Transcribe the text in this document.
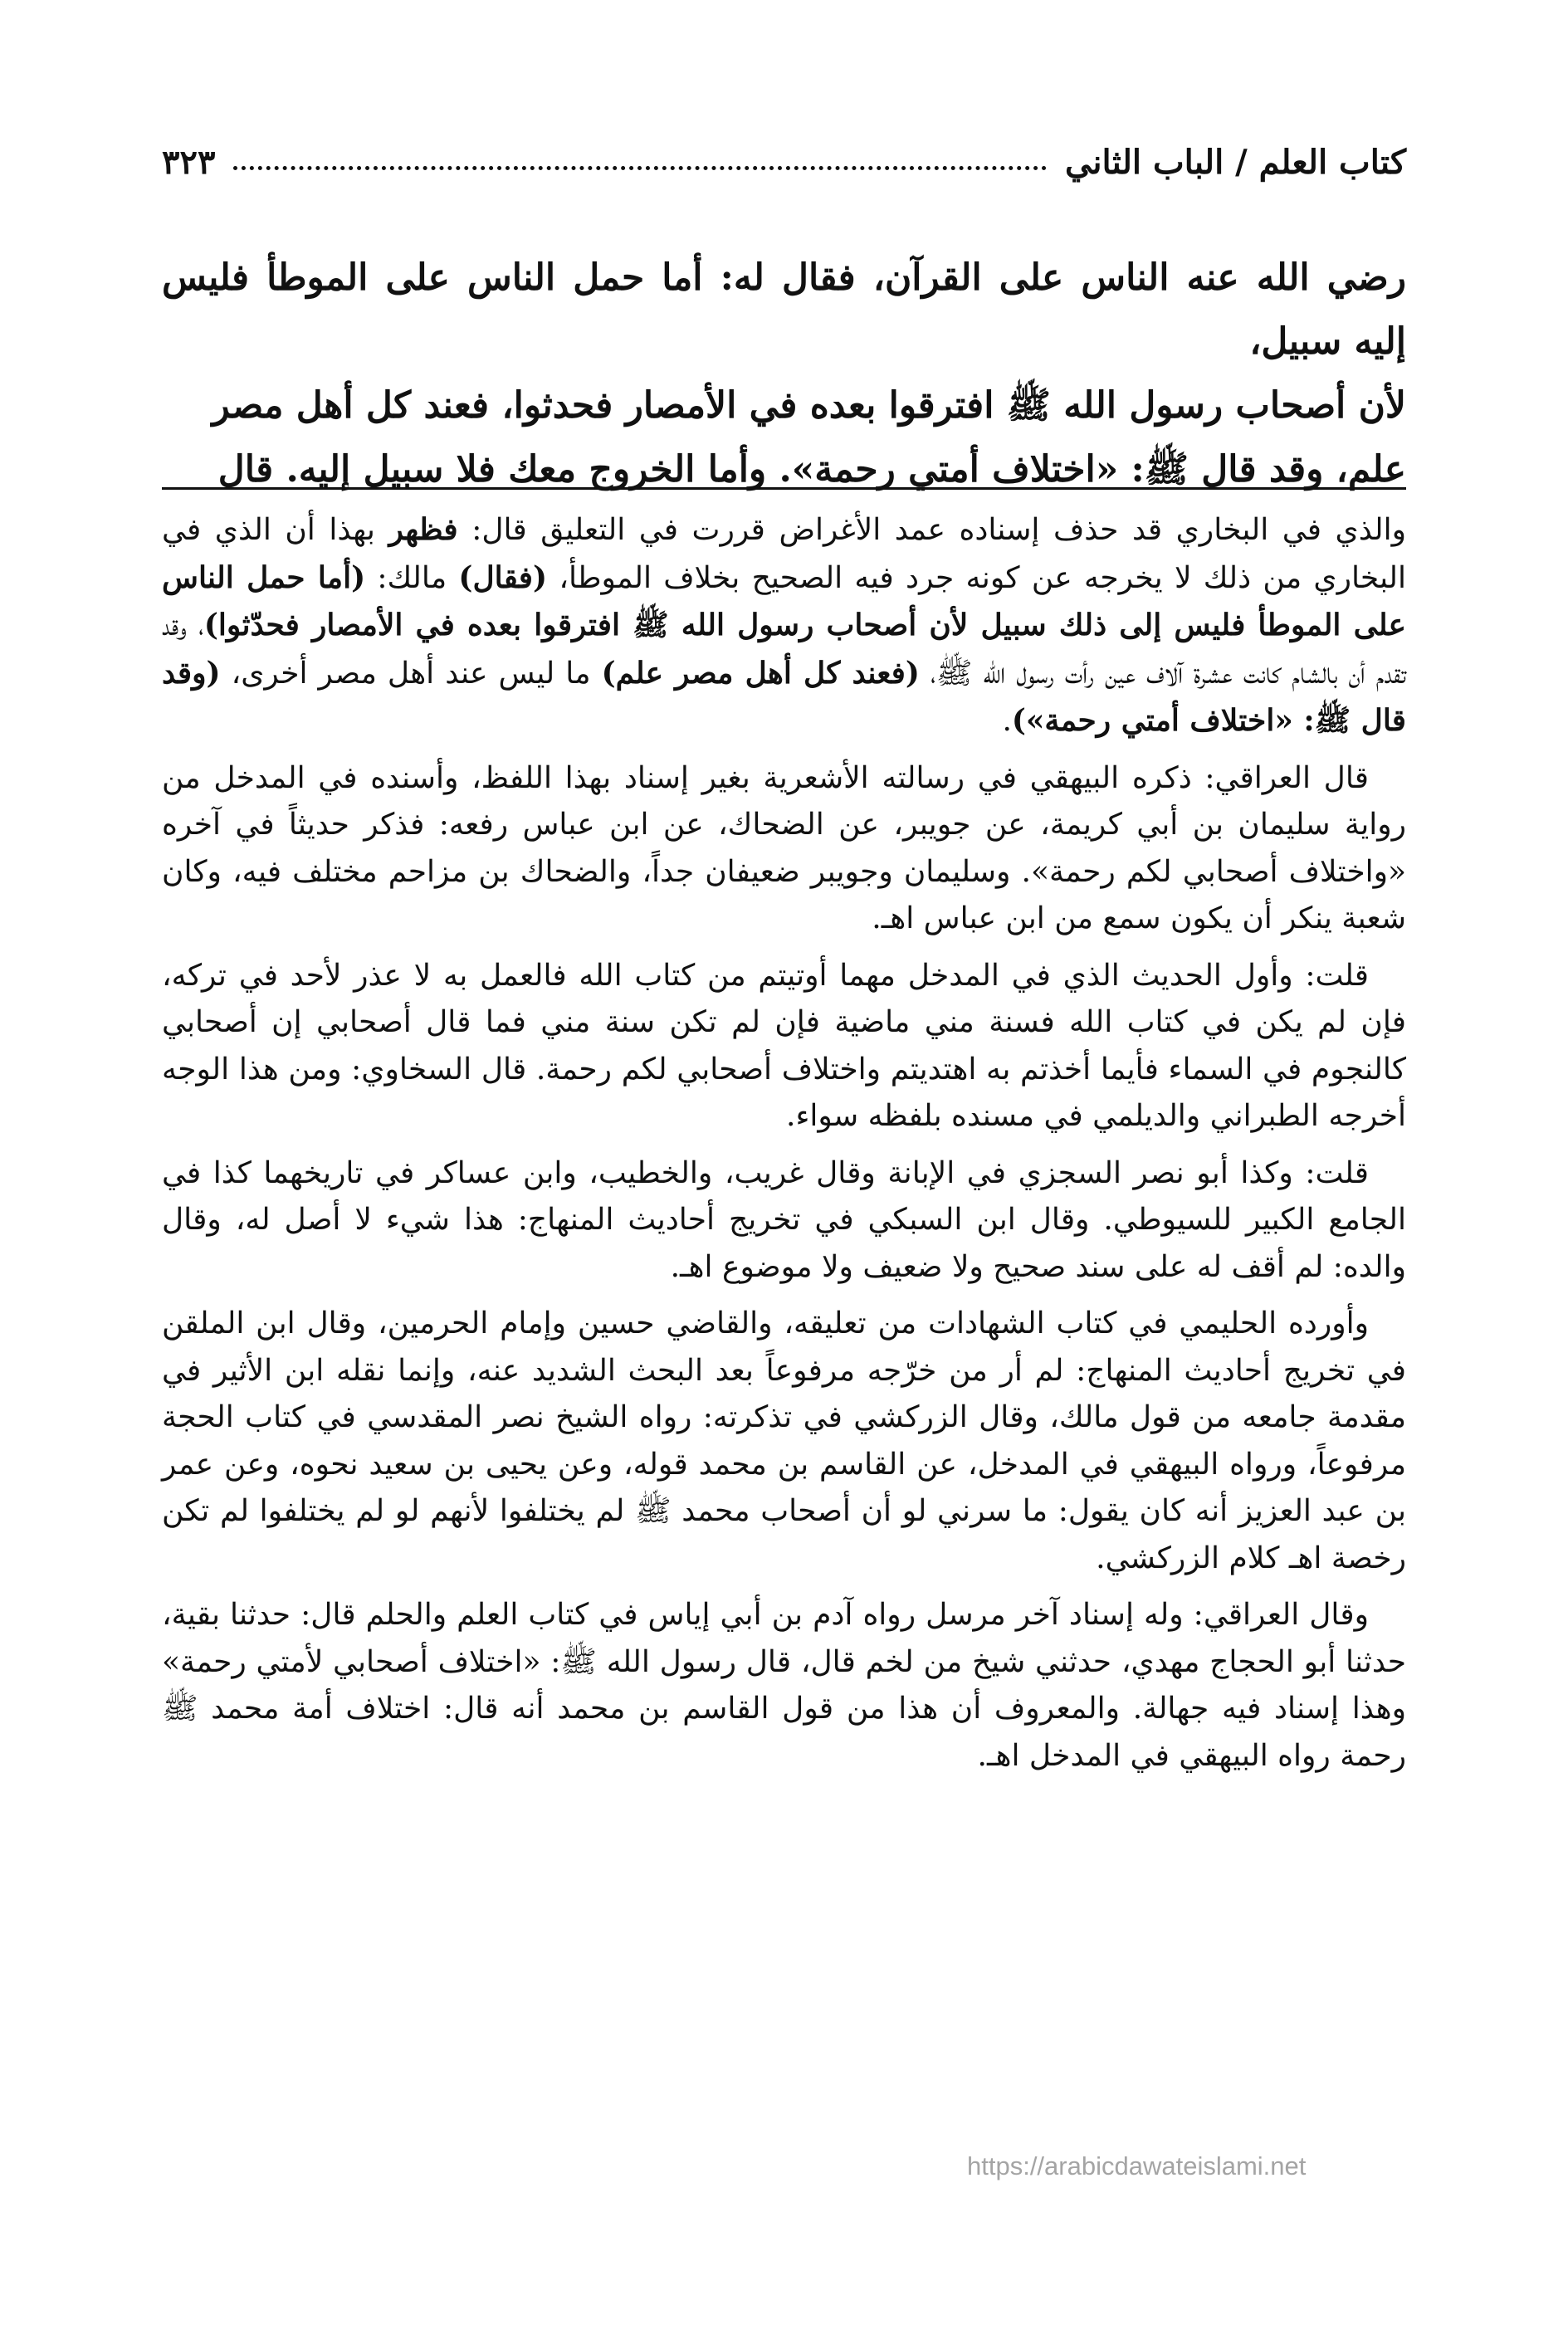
كتاب العلم / الباب الثاني
٣٢٣

رضي الله عنه الناس على القرآن، فقال له: أما حمل الناس على الموطأ فليس إليه سبيل،

لأن أصحاب رسول الله ﷺ افترقوا بعده في الأمصار فحدثوا، فعند كل أهل مصر

علم، وقد قال ﷺ: «اختلاف أمتي رحمة». وأما الخروج معك فلا سبيل إليه. قال

والذي في البخاري قد حذف إسناده عمد الأغراض قررت في التعليق قال: فظهر بهذا أن الذي في البخاري من ذلك لا يخرجه عن كونه جرد فيه الصحيح بخلاف الموطأ، (فقال) مالك: (أما حمل الناس على الموطأ فليس إلى ذلك سبيل لأن أصحاب رسول الله ﷺ افترقوا بعده في الأمصار فحدّثوا)، وقد تقدم أن بالشام كانت عشرة آلاف عين رأت رسول الله ﷺ، (فعند كل أهل مصر علم) ما ليس عند أهل مصر أخرى، (وقد قال ﷺ: «اختلاف أمتي رحمة»).

قال العراقي: ذكره البيهقي في رسالته الأشعرية بغير إسناد بهذا اللفظ، وأسنده في المدخل من رواية سليمان بن أبي كريمة، عن جويبر، عن الضحاك، عن ابن عباس رفعه: فذكر حديثاً في آخره «واختلاف أصحابي لكم رحمة». وسليمان وجويبر ضعيفان جداً، والضحاك بن مزاحم مختلف فيه، وكان شعبة ينكر أن يكون سمع من ابن عباس اهـ.

قلت: وأول الحديث الذي في المدخل مهما أوتيتم من كتاب الله فالعمل به لا عذر لأحد في تركه، فإن لم يكن في كتاب الله فسنة مني ماضية فإن لم تكن سنة مني فما قال أصحابي إن أصحابي كالنجوم في السماء فأيما أخذتم به اهتديتم واختلاف أصحابي لكم رحمة. قال السخاوي: ومن هذا الوجه أخرجه الطبراني والديلمي في مسنده بلفظه سواء.

قلت: وكذا أبو نصر السجزي في الإبانة وقال غريب، والخطيب، وابن عساكر في تاريخهما كذا في الجامع الكبير للسيوطي. وقال ابن السبكي في تخريج أحاديث المنهاج: هذا شيء لا أصل له، وقال والده: لم أقف له على سند صحيح ولا ضعيف ولا موضوع اهـ.

وأورده الحليمي في كتاب الشهادات من تعليقه، والقاضي حسين وإمام الحرمين، وقال ابن الملقن في تخريج أحاديث المنهاج: لم أر من خرّجه مرفوعاً بعد البحث الشديد عنه، وإنما نقله ابن الأثير في مقدمة جامعه من قول مالك، وقال الزركشي في تذكرته: رواه الشيخ نصر المقدسي في كتاب الحجة مرفوعاً، ورواه البيهقي في المدخل، عن القاسم بن محمد قوله، وعن يحيى بن سعيد نحوه، وعن عمر بن عبد العزيز أنه كان يقول: ما سرني لو أن أصحاب محمد ﷺ لم يختلفوا لأنهم لو لم يختلفوا لم تكن رخصة اهـ كلام الزركشي.

وقال العراقي: وله إسناد آخر مرسل رواه آدم بن أبي إياس في كتاب العلم والحلم قال: حدثنا بقية، حدثنا أبو الحجاج مهدي، حدثني شيخ من لخم قال، قال رسول الله ﷺ: «اختلاف أصحابي لأمتي رحمة» وهذا إسناد فيه جهالة. والمعروف أن هذا من قول القاسم بن محمد أنه قال: اختلاف أمة محمد ﷺ رحمة رواه البيهقي في المدخل اهـ.

https://arabicdawateislami.net
